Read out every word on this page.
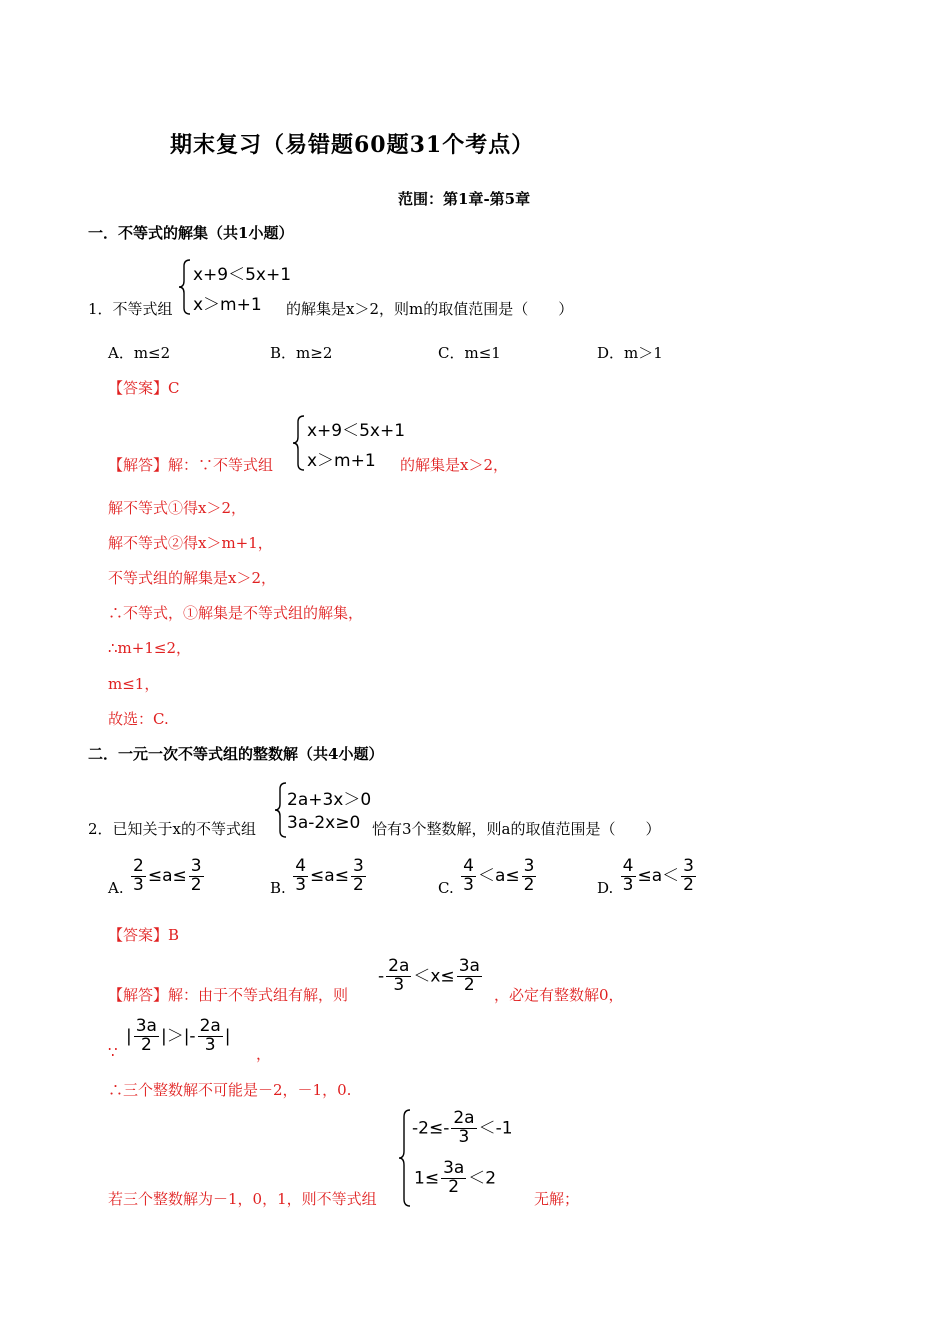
期末复习（易错题60题31个考点）
范围：第1章-第5章
一．不等式的解集（共1小题）
1．不等式组
x+9＜5x+1
x＞m+1 的解集是x＞2，则m的取值范围是（　　）
A．m≤2	B．m≥2	C．m≤1	D．m＞1
【答案】C
【解答】解：∵不等式组
x+9＜5x+1
x＞m+1 的解集是x＞2，
解不等式①得x＞2，
解不等式②得x＞m+1，
不等式组的解集是x＞2，
∴不等式，①解集是不等式组的解集，
∴m+1≤2，
m≤1，
故选：C.
二．一元一次不等式组的整数解（共4小题）
2．已知关于x的不等式组
2a+3x＞0
3a-2x≥0 恰有3个整数解，则a的取值范围是（　　）
A. $\frac{2}{3} \le a\le \frac{3}{2}$	B. $\frac{4}{3} \le a\le \frac{3}{2}$	C. $\frac{4}{3} <a\le \frac{3}{2}$	D. $\frac{4}{3} \le a< \frac{3}{2}$
【答案】B
【解答】解：由于不等式组有解，则
- $\frac{2a}{3} <x\le \frac{3a}{2}$
，必定有整数解0，
∵
| $\frac{3a}{2}$ |＞|- $\frac{2a}{3}$ |
，
∴三个整数解不可能是－2，－1，0.
若三个整数解为－1，0，1，则不等式组
$-2\le- \frac{2a}{3} <-1$
$1\le \frac{3a}{2} <2$
无解；
